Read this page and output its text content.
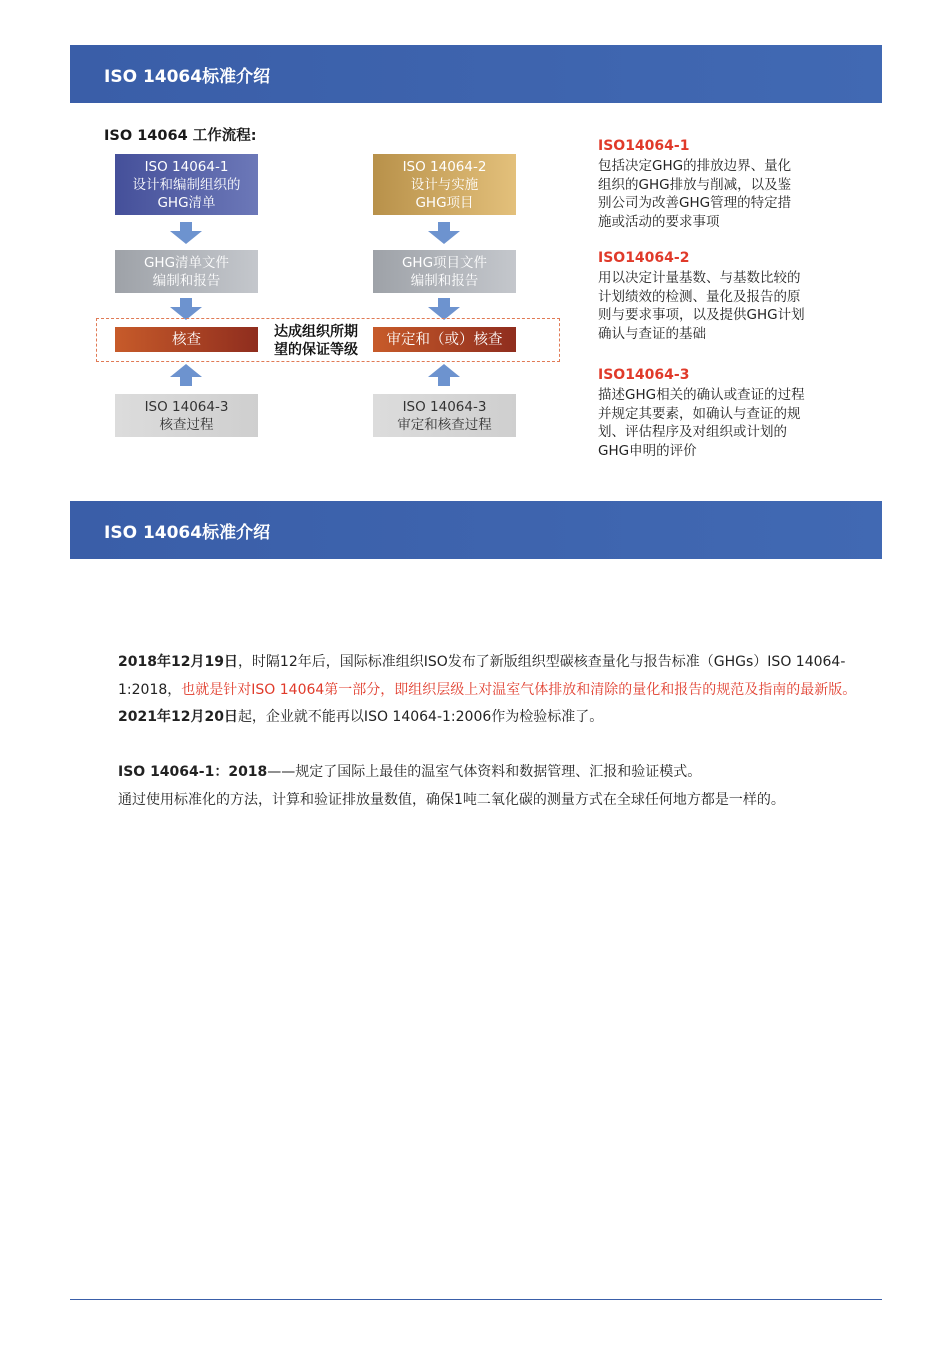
ISO 14064标准介绍
ISO 14064 工作流程:
ISO 14064-1
设计和编制组织的
GHG清单
ISO 14064-2
设计与实施
GHG项目
GHG清单文件
编制和报告
GHG项目文件
编制和报告
核查	达成组织所期
望的保证等级
审定和（或）核查
ISO 14064-3
核查过程
ISO 14064-3
审定和核查过程
ISO14064-1
包括决定GHG的排放边界、量化
组织的GHG排放与削减，以及鉴
别公司为改善GHG管理的特定措
施或活动的要求事项
ISO14064-2
用以决定计量基数、与基数比较的
计划绩效的检测、量化及报告的原
则与要求事项，以及提供GHG计划
确认与查证的基础
ISO14064-3
描述GHG相关的确认或查证的过程
并规定其要素，如确认与查证的规
划、评估程序及对组织或计划的
GHG申明的评价
ISO 14064标准介绍
2018年12月19日，时隔12年后，国际标准组织ISO发布了新版组织型碳核查量化与报告标准（GHGs）ISO 14064-1:2018，也就是针对ISO 14064第一部分，即组织层级上对温室气体排放和清除的量化和报告的规范及指南的最新版。2021年12月20日起，企业就不能再以ISO 14064-1:2006作为检验标准了。
ISO 14064-1：2018——规定了国际上最佳的温室气体资料和数据管理、汇报和验证模式。
通过使用标准化的方法，计算和验证排放量数值，确保1吨二氧化碳的测量方式在全球任何地方都是一样的。
